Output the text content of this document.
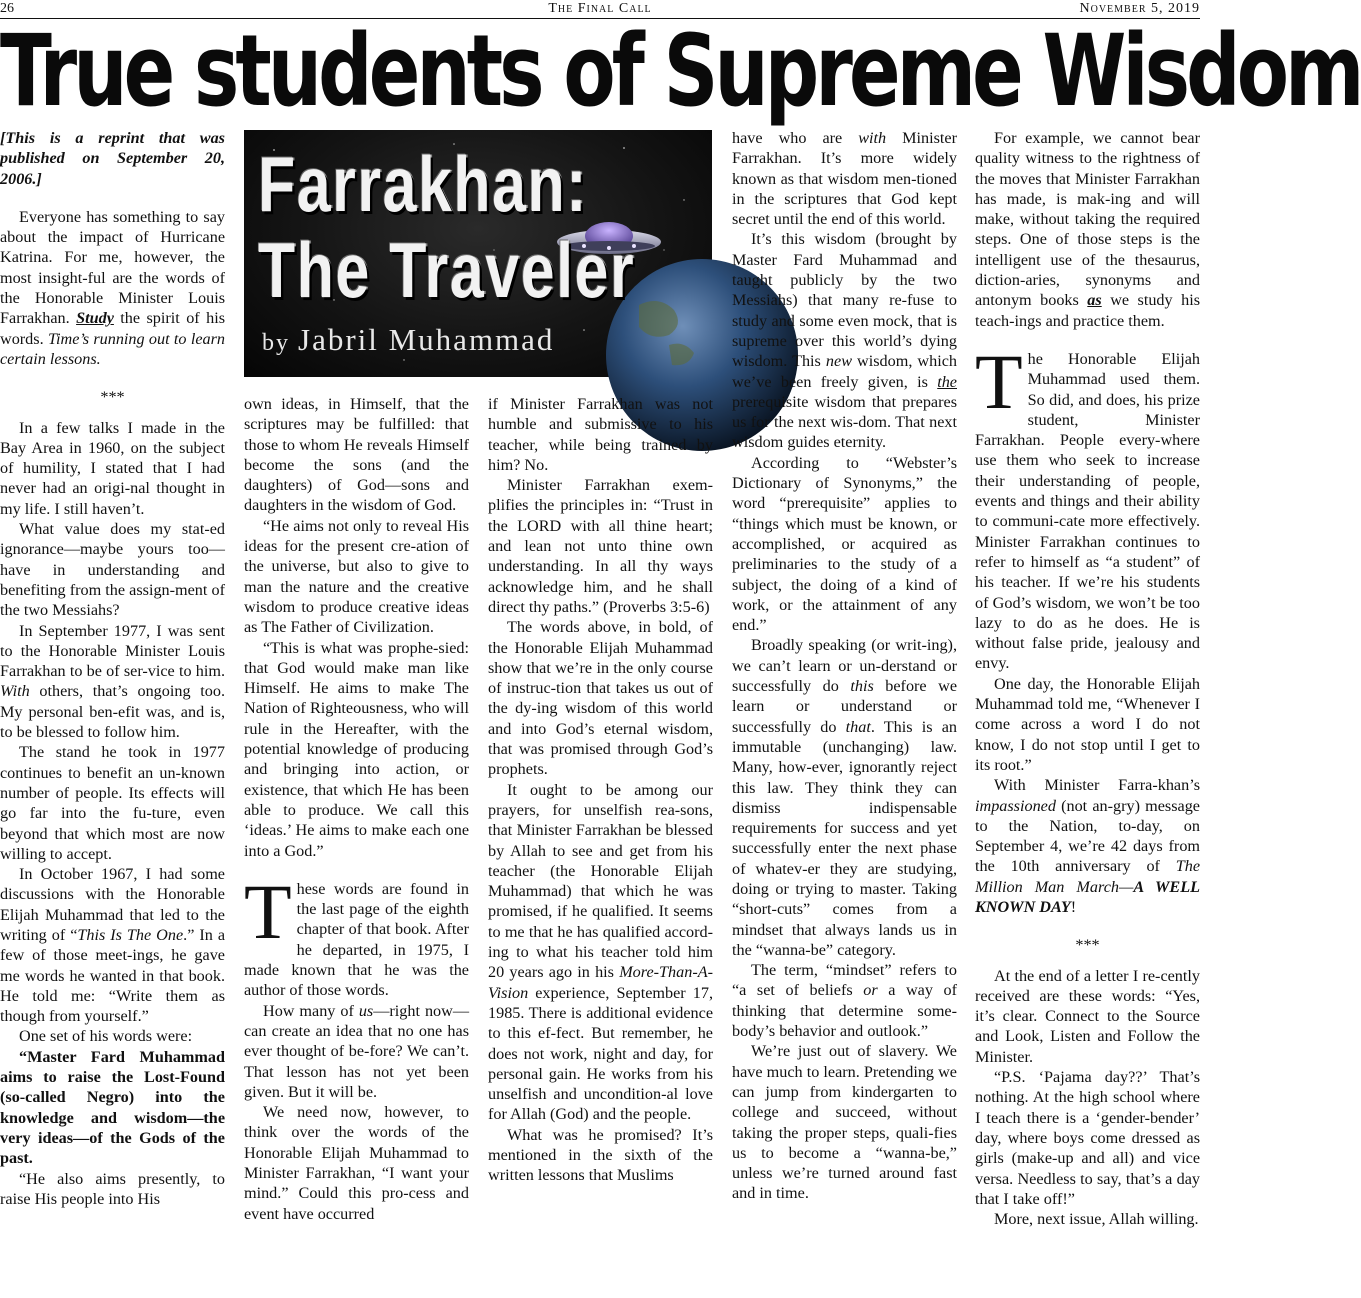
26	The Final Call	November 5, 2019
True students of Supreme Wisdom
Farrakhan:
The Traveler
by Jabril Muhammad

[This is a reprint that was published on September 20, 2006.]

Everyone has something to say about the impact of Hurricane Katrina. For me, however, the most insight-ful are the words of the Honorable Minister Louis Farrakhan. Study the spirit of his words. Time’s running out to learn certain lessons.

***

In a few talks I made in the Bay Area in 1960, on the subject of humility, I stated that I had never had an origi-nal thought in my life. I still haven’t.

What value does my stat-ed ignorance—maybe yours too—have in understanding and benefiting from the assign-ment of the two Messiahs?

In September 1977, I was sent to the Honorable Minister Louis Farrakhan to be of ser-vice to him. With others, that’s ongoing too. My personal ben-efit was, and is, to be blessed to follow him.

The stand he took in 1977 continues to benefit an un-known number of people. Its effects will go far into the fu-ture, even beyond that which most are now willing to accept.

In October 1967, I had some discussions with the Honorable Elijah Muhammad that led to the writing of “This Is The One.” In a few of those meet-ings, he gave me words he wanted in that book. He told me: “Write them as though from yourself.”

One set of his words were:

“Master Fard Muhammad aims to raise the Lost-Found (so-called Negro) into the knowledge and wisdom—the very ideas—of the Gods of the past.

“He also aims presently, to raise His people into His

own ideas, in Himself, that the scriptures may be fulfilled: that those to whom He reveals Himself become the sons (and the daughters) of God—sons and daughters in the wisdom of God.

“He aims not only to reveal His ideas for the present cre-ation of the universe, but also to give to man the nature and the creative wisdom to produce creative ideas as The Father of Civilization.

“This is what was prophe-sied: that God would make man like Himself. He aims to make The Nation of Righteousness, who will rule in the Hereafter, with the potential knowledge of producing and bringing into action, or existence, that which He has been able to produce. We call this ‘ideas.’ He aims to make each one into a God.”

These words are found in the last page of the eighth chapter of that book. After he departed, in 1975, I made known that he was the author of those words.

How many of us—right now—can create an idea that no one has ever thought of be-fore? We can’t. That lesson has not yet been given. But it will be.

We need now, however, to think over the words of the Honorable Elijah Muhammad to Minister Farrakhan, “I want your mind.” Could this pro-cess and event have occurred

if Minister Farrakhan was not humble and submissive to his teacher, while being trained by him? No.

Minister Farrakhan exem-plifies the principles in: “Trust in the LORD with all thine heart; and lean not unto thine own understanding. In all thy ways acknowledge him, and he shall direct thy paths.” (Proverbs 3:5-6)

The words above, in bold, of the Honorable Elijah Muhammad show that we’re in the only course of instruc-tion that takes us out of the dy-ing wisdom of this world and into God’s eternal wisdom, that was promised through God’s prophets.

It ought to be among our prayers, for unselfish rea-sons, that Minister Farrakhan be blessed by Allah to see and get from his teacher (the Honorable Elijah Muhammad) that which he was promised, if he qualified. It seems to me that he has qualified accord-ing to what his teacher told him 20 years ago in his More-Than-A-Vision experience, September 17, 1985. There is additional evidence to this ef-fect. But remember, he does not work, night and day, for personal gain. He works from his unselfish and uncondition-al love for Allah (God) and the people.

What was he promised? It’s mentioned in the sixth of the written lessons that Muslims

have who are with Minister Farrakhan. It’s more widely known as that wisdom men-tioned in the scriptures that God kept secret until the end of this world.

It’s this wisdom (brought by Master Fard Muhammad and taught publicly by the two Messiahs) that many re-fuse to study and some even mock, that is supreme over this world’s dying wisdom. This new wisdom, which we’ve been freely given, is the prerequisite wisdom that prepares us for the next wis-dom. That next wisdom guides eternity.

According to “Webster’s Dictionary of Synonyms,” the word “prerequisite” applies to “things which must be known, or accomplished, or acquired as preliminaries to the study of a subject, the doing of a kind of work, or the attainment of any end.”

Broadly speaking (or writ-ing), we can’t learn or un-derstand or successfully do this before we learn or understand or successfully do that. This is an immutable (unchanging) law. Many, how-ever, ignorantly reject this law. They think they can dismiss indispensable requirements for success and yet successfully enter the next phase of whatev-er they are studying, doing or trying to master. Taking “short-cuts” comes from a mindset that always lands us in the “wanna-be” category.

The term, “mindset” refers to “a set of beliefs or a way of thinking that determine some-body’s behavior and outlook.”

We’re just out of slavery. We have much to learn. Pretending we can jump from kindergarten to college and succeed, without taking the proper steps, quali-fies us to become a “wanna-be,” unless we’re turned around fast and in time.

For example, we cannot bear quality witness to the rightness of the moves that Minister Farrakhan has made, is mak-ing and will make, without taking the required steps. One of those steps is the intelligent use of the thesaurus, diction-aries, synonyms and antonym books as we study his teach-ings and practice them.

The Honorable Elijah Muhammad used them. So did, and does, his prize student, Minister Farrakhan. People every-where use them who seek to increase their understanding of people, events and things and their ability to communi-cate more effectively. Minister Farrakhan continues to refer to himself as “a student” of his teacher. If we’re his students of God’s wisdom, we won’t be too lazy to do as he does. He is without false pride, jealousy and envy.

One day, the Honorable Elijah Muhammad told me, “Whenever I come across a word I do not know, I do not stop until I get to its root.”

With Minister Farra-khan’s impassioned (not an-gry) message to the Nation, to-day, on September 4, we’re 42 days from the 10th anniversary of The Million Man March—A WELL KNOWN DAY!

***

At the end of a letter I re-cently received are these words: “Yes, it’s clear. Connect to the Source and Look, Listen and Follow the Minister.

“P.S. ‘Pajama day??’ That’s nothing. At the high school where I teach there is a ‘gender-bender’ day, where boys come dressed as girls (make-up and all) and vice versa. Needless to say, that’s a day that I take off!”

More, next issue, Allah willing.
